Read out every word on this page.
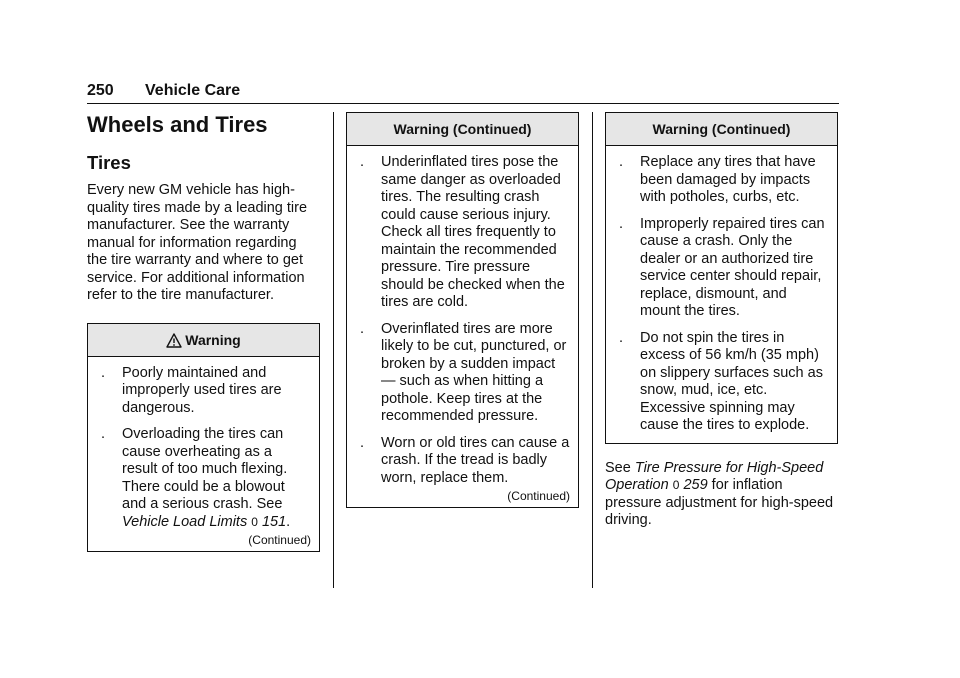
250 Vehicle Care
Wheels and Tires
Tires

Every new GM vehicle has high-quality tires made by a leading tire manufacturer. See the warranty manual for information regarding the tire warranty and where to get service. For additional information refer to the tire manufacturer.

Warning
. Poorly maintained and improperly used tires are dangerous.
. Overloading the tires can cause overheating as a result of too much flexing. There could be a blowout and a serious crash. See Vehicle Load Limits 0 151.
(Continued)
Warning (Continued)
. Underinflated tires pose the same danger as overloaded tires. The resulting crash could cause serious injury. Check all tires frequently to maintain the recommended pressure. Tire pressure should be checked when the tires are cold.
. Overinflated tires are more likely to be cut, punctured, or broken by a sudden impact — such as when hitting a pothole. Keep tires at the recommended pressure.
. Worn or old tires can cause a crash. If the tread is badly worn, replace them.
(Continued)
Warning (Continued)
. Replace any tires that have been damaged by impacts with potholes, curbs, etc.
. Improperly repaired tires can cause a crash. Only the dealer or an authorized tire service center should repair, replace, dismount, and mount the tires.
. Do not spin the tires in excess of 56 km/h (35 mph) on slippery surfaces such as snow, mud, ice, etc. Excessive spinning may cause the tires to explode.

See Tire Pressure for High-Speed Operation 0 259 for inflation pressure adjustment for high-speed driving.
